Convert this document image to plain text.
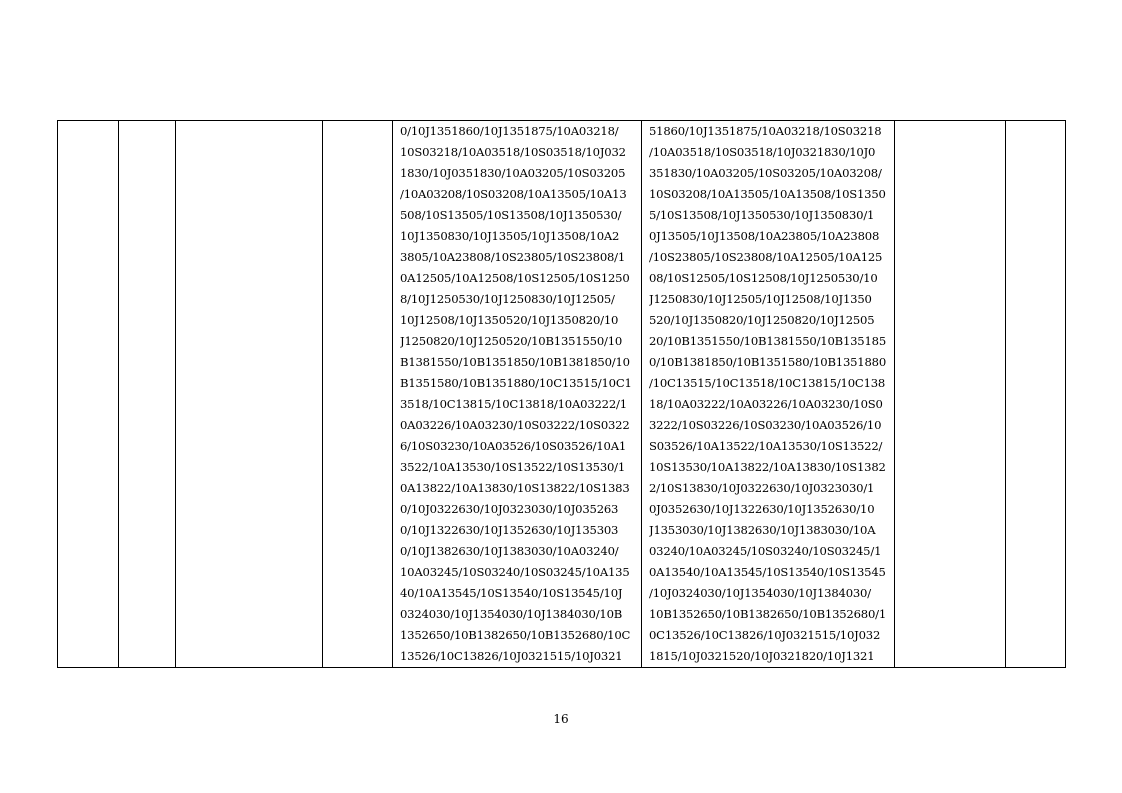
0/10J1351860/10J1351875/10A03218/
10S03218/10A03518/10S03518/10J032
1830/10J0351830/10A03205/10S03205
/10A03208/10S03208/10A13505/10A13
508/10S13505/10S13508/10J1350530/
10J1350830/10J13505/10J13508/10A2
3805/10A23808/10S23805/10S23808/1
0A12505/10A12508/10S12505/10S1250
8/10J1250530/10J1250830/10J12505/
10J12508/10J1350520/10J1350820/10
J1250820/10J1250520/10B1351550/10
B1381550/10B1351850/10B1381850/10
B1351580/10B1351880/10C13515/10C1
3518/10C13815/10C13818/10A03222/1
0A03226/10A03230/10S03222/10S0322
6/10S03230/10A03526/10S03526/10A1
3522/10A13530/10S13522/10S13530/1
0A13822/10A13830/10S13822/10S1383
0/10J0322630/10J0323030/10J035263
0/10J1322630/10J1352630/10J135303
0/10J1382630/10J1383030/10A03240/
10A03245/10S03240/10S03245/10A135
40/10A13545/10S13540/10S13545/10J
0324030/10J1354030/10J1384030/10B
1352650/10B1382650/10B1352680/10C
13526/10C13826/10J0321515/10J0321

51860/10J1351875/10A03218/10S03218
/10A03518/10S03518/10J0321830/10J0
351830/10A03205/10S03205/10A03208/
10S03208/10A13505/10A13508/10S1350
5/10S13508/10J1350530/10J1350830/1
0J13505/10J13508/10A23805/10A23808
/10S23805/10S23808/10A12505/10A125
08/10S12505/10S12508/10J1250530/10
J1250830/10J12505/10J12508/10J1350
520/10J1350820/10J1250820/10J12505
20/10B1351550/10B1381550/10B135185
0/10B1381850/10B1351580/10B1351880
/10C13515/10C13518/10C13815/10C138
18/10A03222/10A03226/10A03230/10S0
3222/10S03226/10S03230/10A03526/10
S03526/10A13522/10A13530/10S13522/
10S13530/10A13822/10A13830/10S1382
2/10S13830/10J0322630/10J0323030/1
0J0352630/10J1322630/10J1352630/10
J1353030/10J1382630/10J1383030/10A
03240/10A03245/10S03240/10S03245/1
0A13540/10A13545/10S13540/10S13545
/10J0324030/10J1354030/10J1384030/
10B1352650/10B1382650/10B1352680/1
0C13526/10C13826/10J0321515/10J032
1815/10J0321520/10J0321820/10J1321

16
